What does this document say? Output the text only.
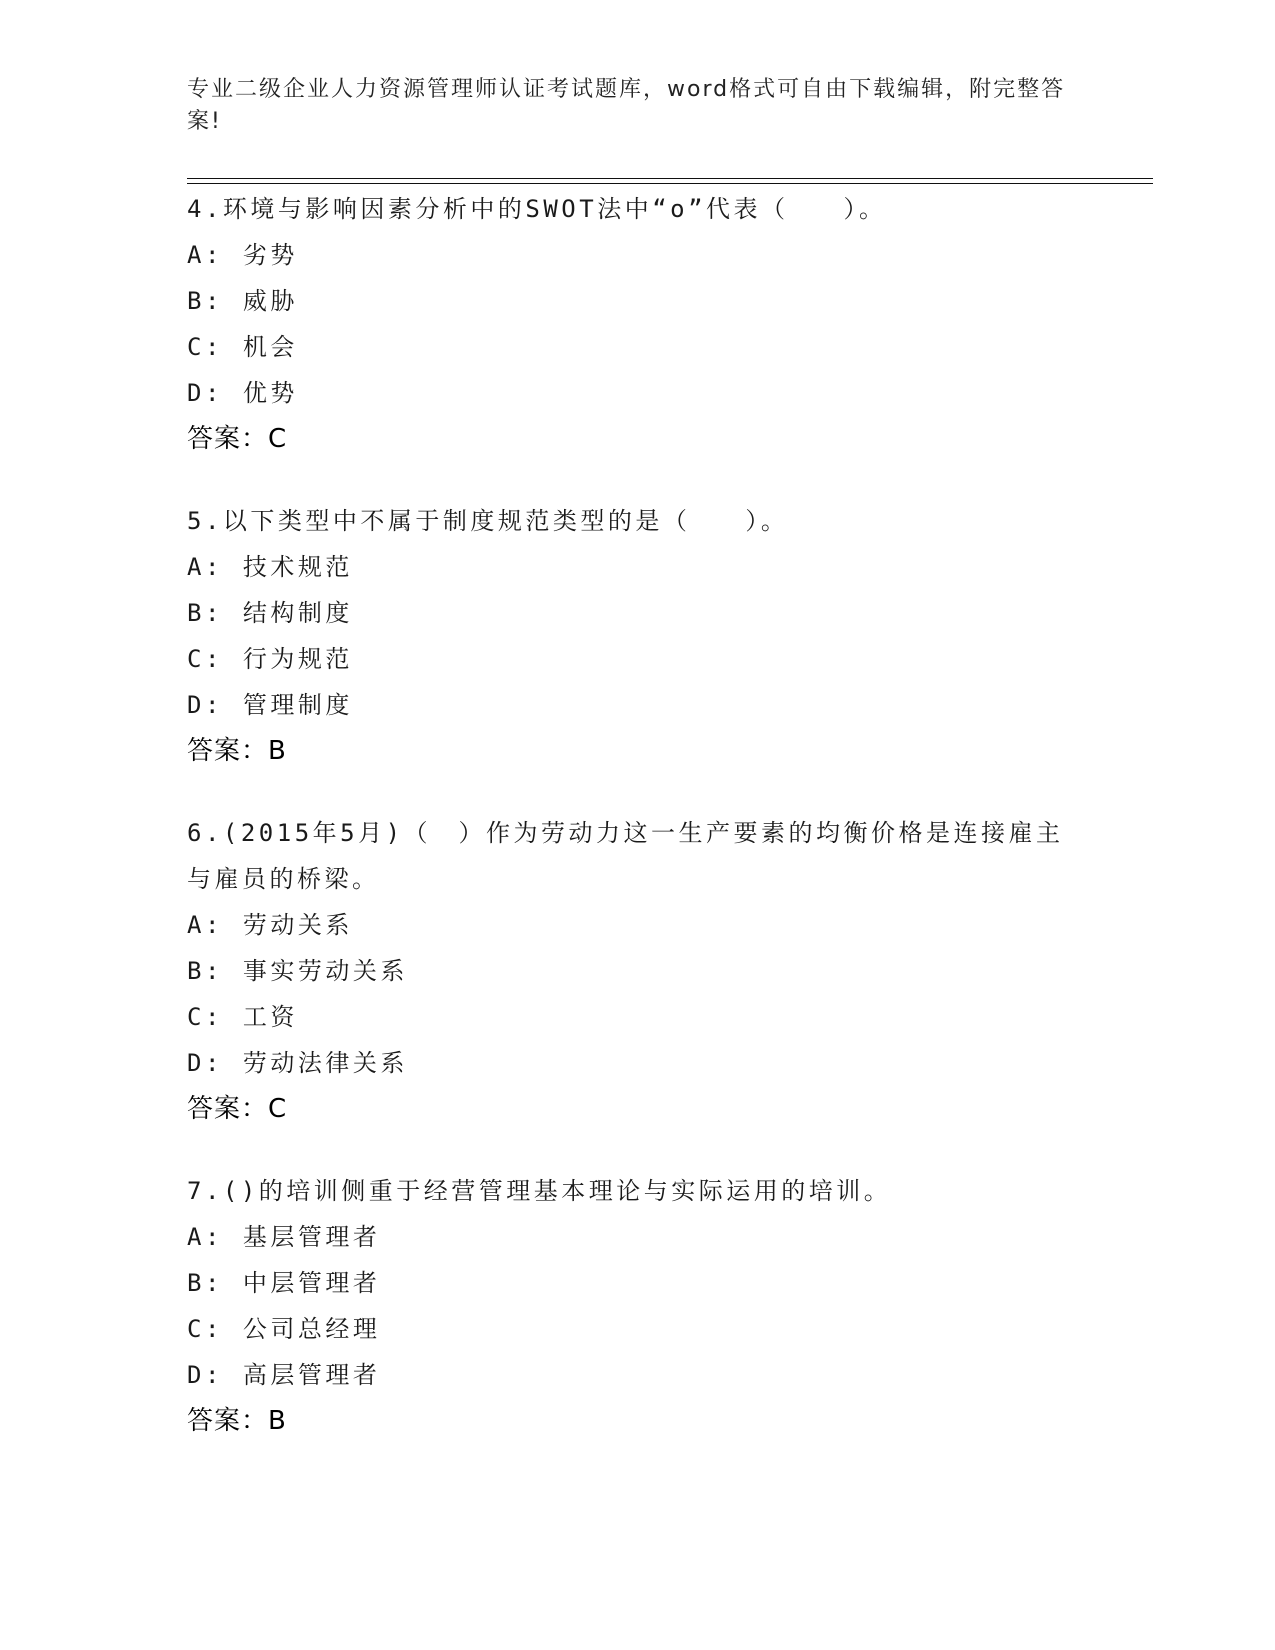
专业二级企业人力资源管理师认证考试题库，word格式可自由下载编辑，附完整答案!
4.环境与影响因素分析中的SWOT法中“o”代表（　　）。
A: 劣势
B: 威胁
C: 机会
D: 优势
答案：C
5.以下类型中不属于制度规范类型的是（　　）。
A: 技术规范
B: 结构制度
C: 行为规范
D: 管理制度
答案：B
6.(2015年5月)（　）作为劳动力这一生产要素的均衡价格是连接雇主与雇员的桥梁。
A: 劳动关系
B: 事实劳动关系
C: 工资
D: 劳动法律关系
答案：C
7.()的培训侧重于经营管理基本理论与实际运用的培训。
A: 基层管理者
B: 中层管理者
C: 公司总经理
D: 高层管理者
答案：B
